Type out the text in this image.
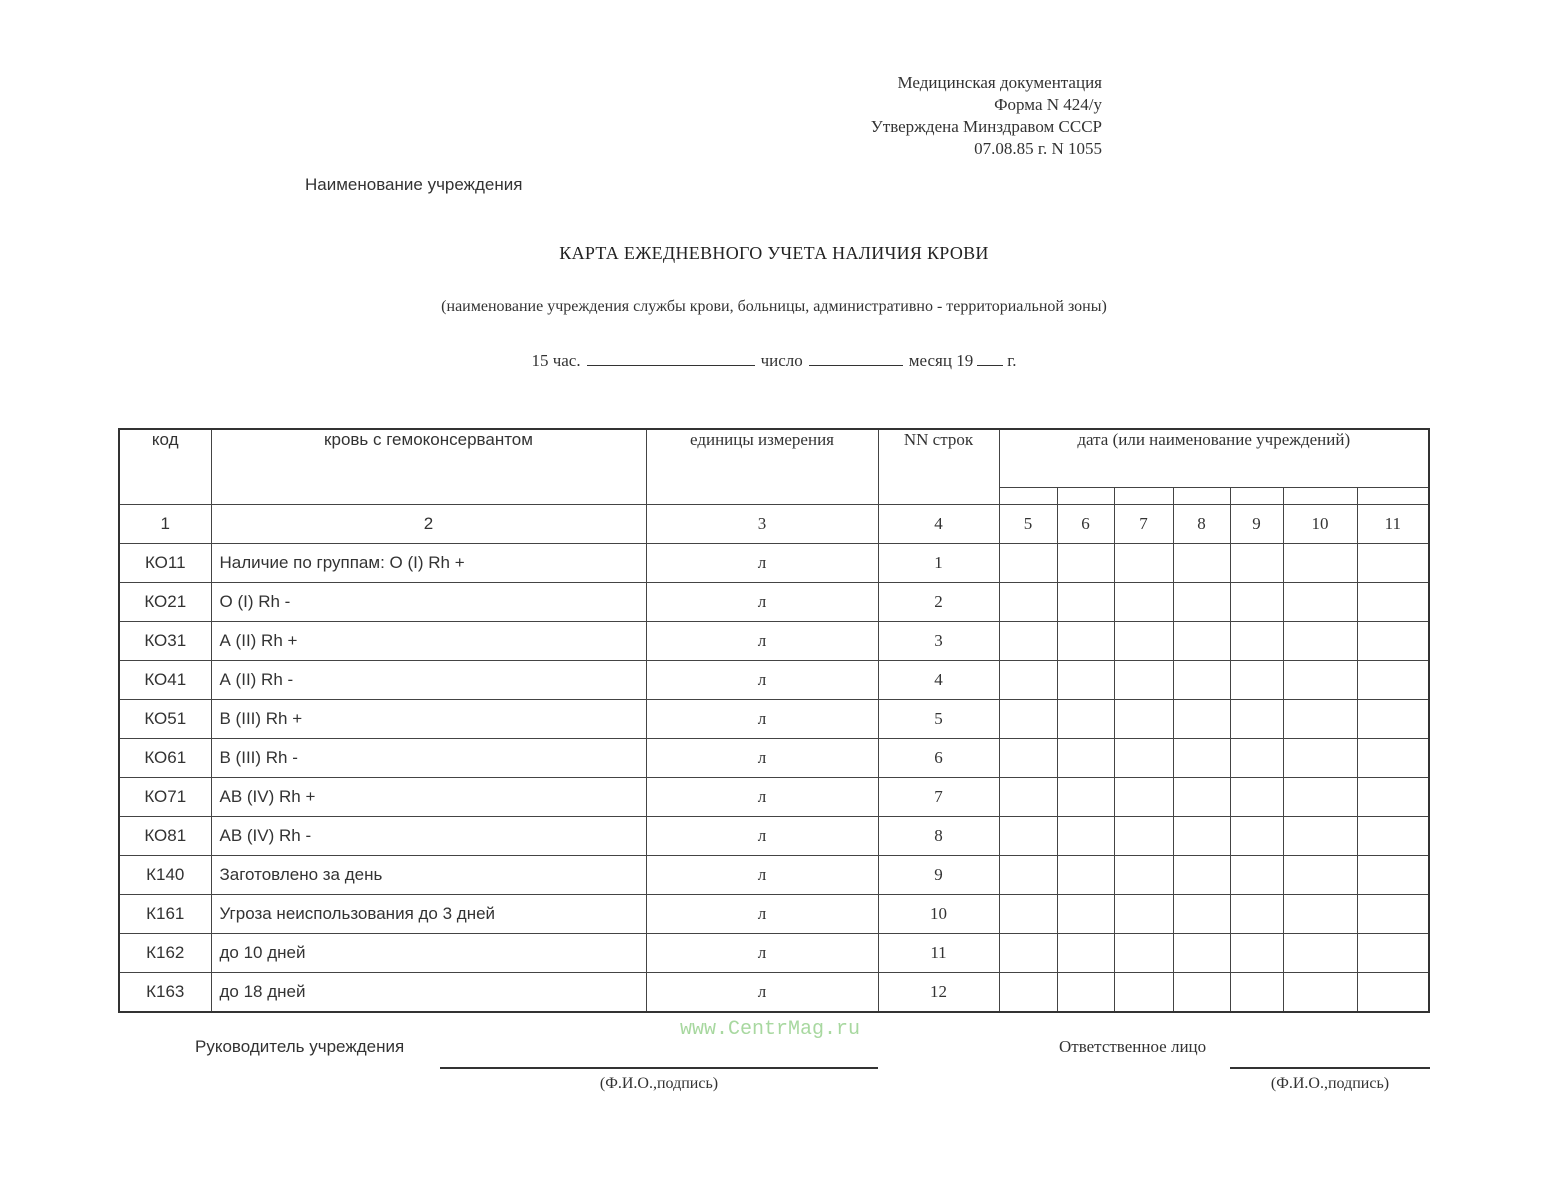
Медицинская документация
Форма N 424/у
Утверждена Минздравом СССР
07.08.85 г. N 1055
Наименование учреждения
КАРТА ЕЖЕДНЕВНОГО УЧЕТА НАЛИЧИЯ КРОВИ
(наименование учреждения службы крови, больницы, административно - территориальной зоны)
15 час.	число	месяц 19 г.
код	кровь с гемоконсервантом	единицы измерения	NN строк	дата (или наименование учреждений)						

1	2	3	4	5	6	7	8	9	10	11
КО11	Наличие по группам: О (I) Rh +	л	1							
КО21	О (I) Rh -	л	2							
КО31	А (II) Rh +	л	3							
КО41	А (II) Rh -	л	4							
КО51	В (III) Rh +	л	5							
КО61	В (III) Rh -	л	6							
КО71	АВ (IV) Rh +	л	7							
КО81	АВ (IV) Rh -	л	8							
К140	Заготовлено за день	л	9							
К161	Угроза неиспользования до 3 дней	л	10							
К162	до 10 дней	л	11							
К163	до 18 дней	л	12							
www.CentrMag.ru
Руководитель учреждения
(Ф.И.О.,подпись)
Ответственное лицо
(Ф.И.О.,подпись)
